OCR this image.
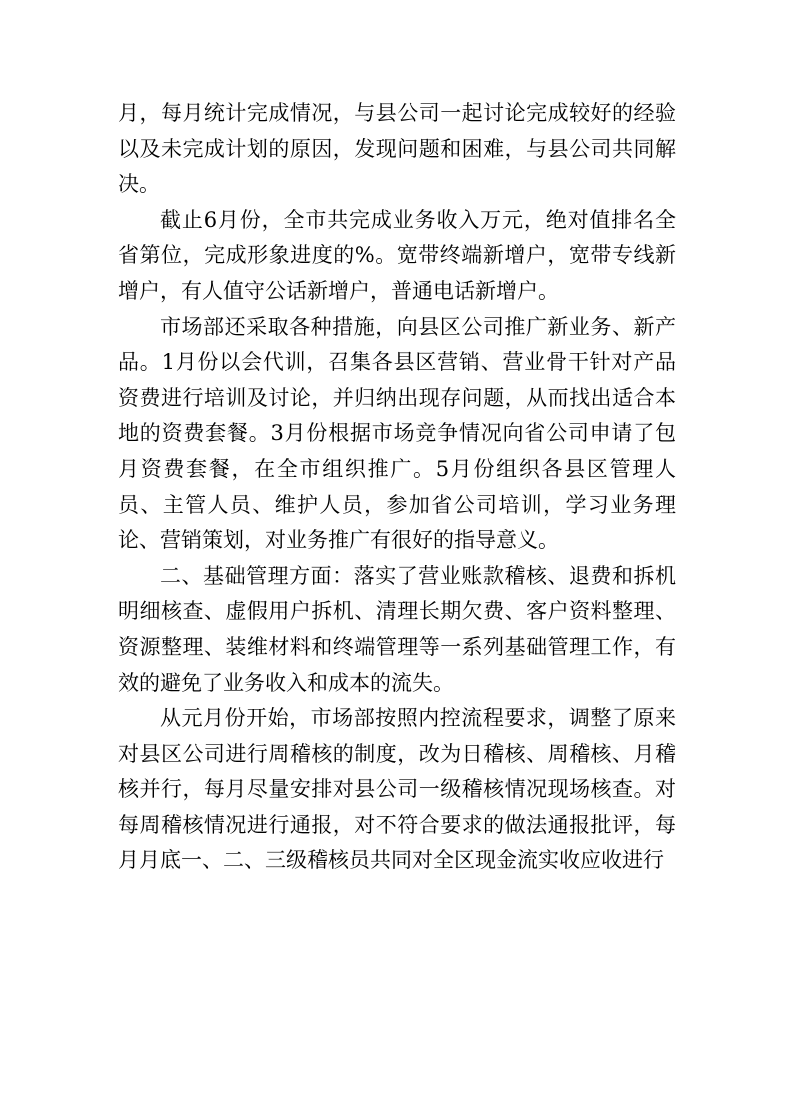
月，每月统计完成情况，与县公司一起讨论完成较好的经验以及未完成计划的原因，发现问题和困难，与县公司共同解决。

截止6月份，全市共完成业务收入万元，绝对值排名全省第位，完成形象进度的%。宽带终端新增户，宽带专线新增户，有人值守公话新增户，普通电话新增户。

市场部还采取各种措施，向县区公司推广新业务、新产品。1月份以会代训，召集各县区营销、营业骨干针对产品资费进行培训及讨论，并归纳出现存问题，从而找出适合本地的资费套餐。3月份根据市场竞争情况向省公司申请了包月资费套餐，在全市组织推广。5月份组织各县区管理人员、主管人员、维护人员，参加省公司培训，学习业务理论、营销策划，对业务推广有很好的指导意义。

二、基础管理方面：落实了营业账款稽核、退费和拆机明细核查、虚假用户拆机、清理长期欠费、客户资料整理、资源整理、装维材料和终端管理等一系列基础管理工作，有效的避免了业务收入和成本的流失。

从元月份开始，市场部按照内控流程要求，调整了原来对县区公司进行周稽核的制度，改为日稽核、周稽核、月稽核并行，每月尽量安排对县公司一级稽核情况现场核查。对每周稽核情况进行通报，对不符合要求的做法通报批评，每月月底一、二、三级稽核员共同对全区现金流实收应收进行
